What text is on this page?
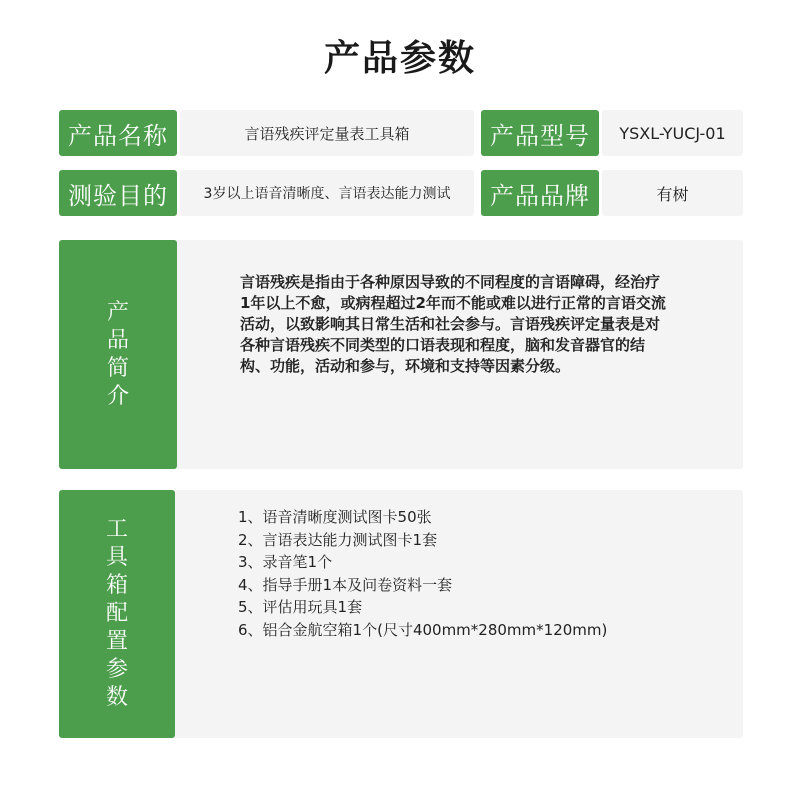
产品参数
产品名称	言语残疾评定量表工具箱	产品型号	YSXL-YUCJ-01
测验目的	3岁以上语音清晰度、言语表达能力测试	产品品牌	有树
产品简介
言语残疾是指由于各种原因导致的不同程度的言语障碍，经治疗1年以上不愈，或病程超过2年而不能或难以进行正常的言语交流活动，以致影响其日常生活和社会参与。言语残疾评定量表是对各种言语残疾不同类型的口语表现和程度，脑和发音器官的结构、功能，活动和参与，环境和支持等因素分级。
工具箱配置参数
1、语音清晰度测试图卡50张
2、言语表达能力测试图卡1套
3、录音笔1个
4、指导手册1本及问卷资料一套
5、评估用玩具1套
6、铝合金航空箱1个(尺寸400mm*280mm*120mm)
